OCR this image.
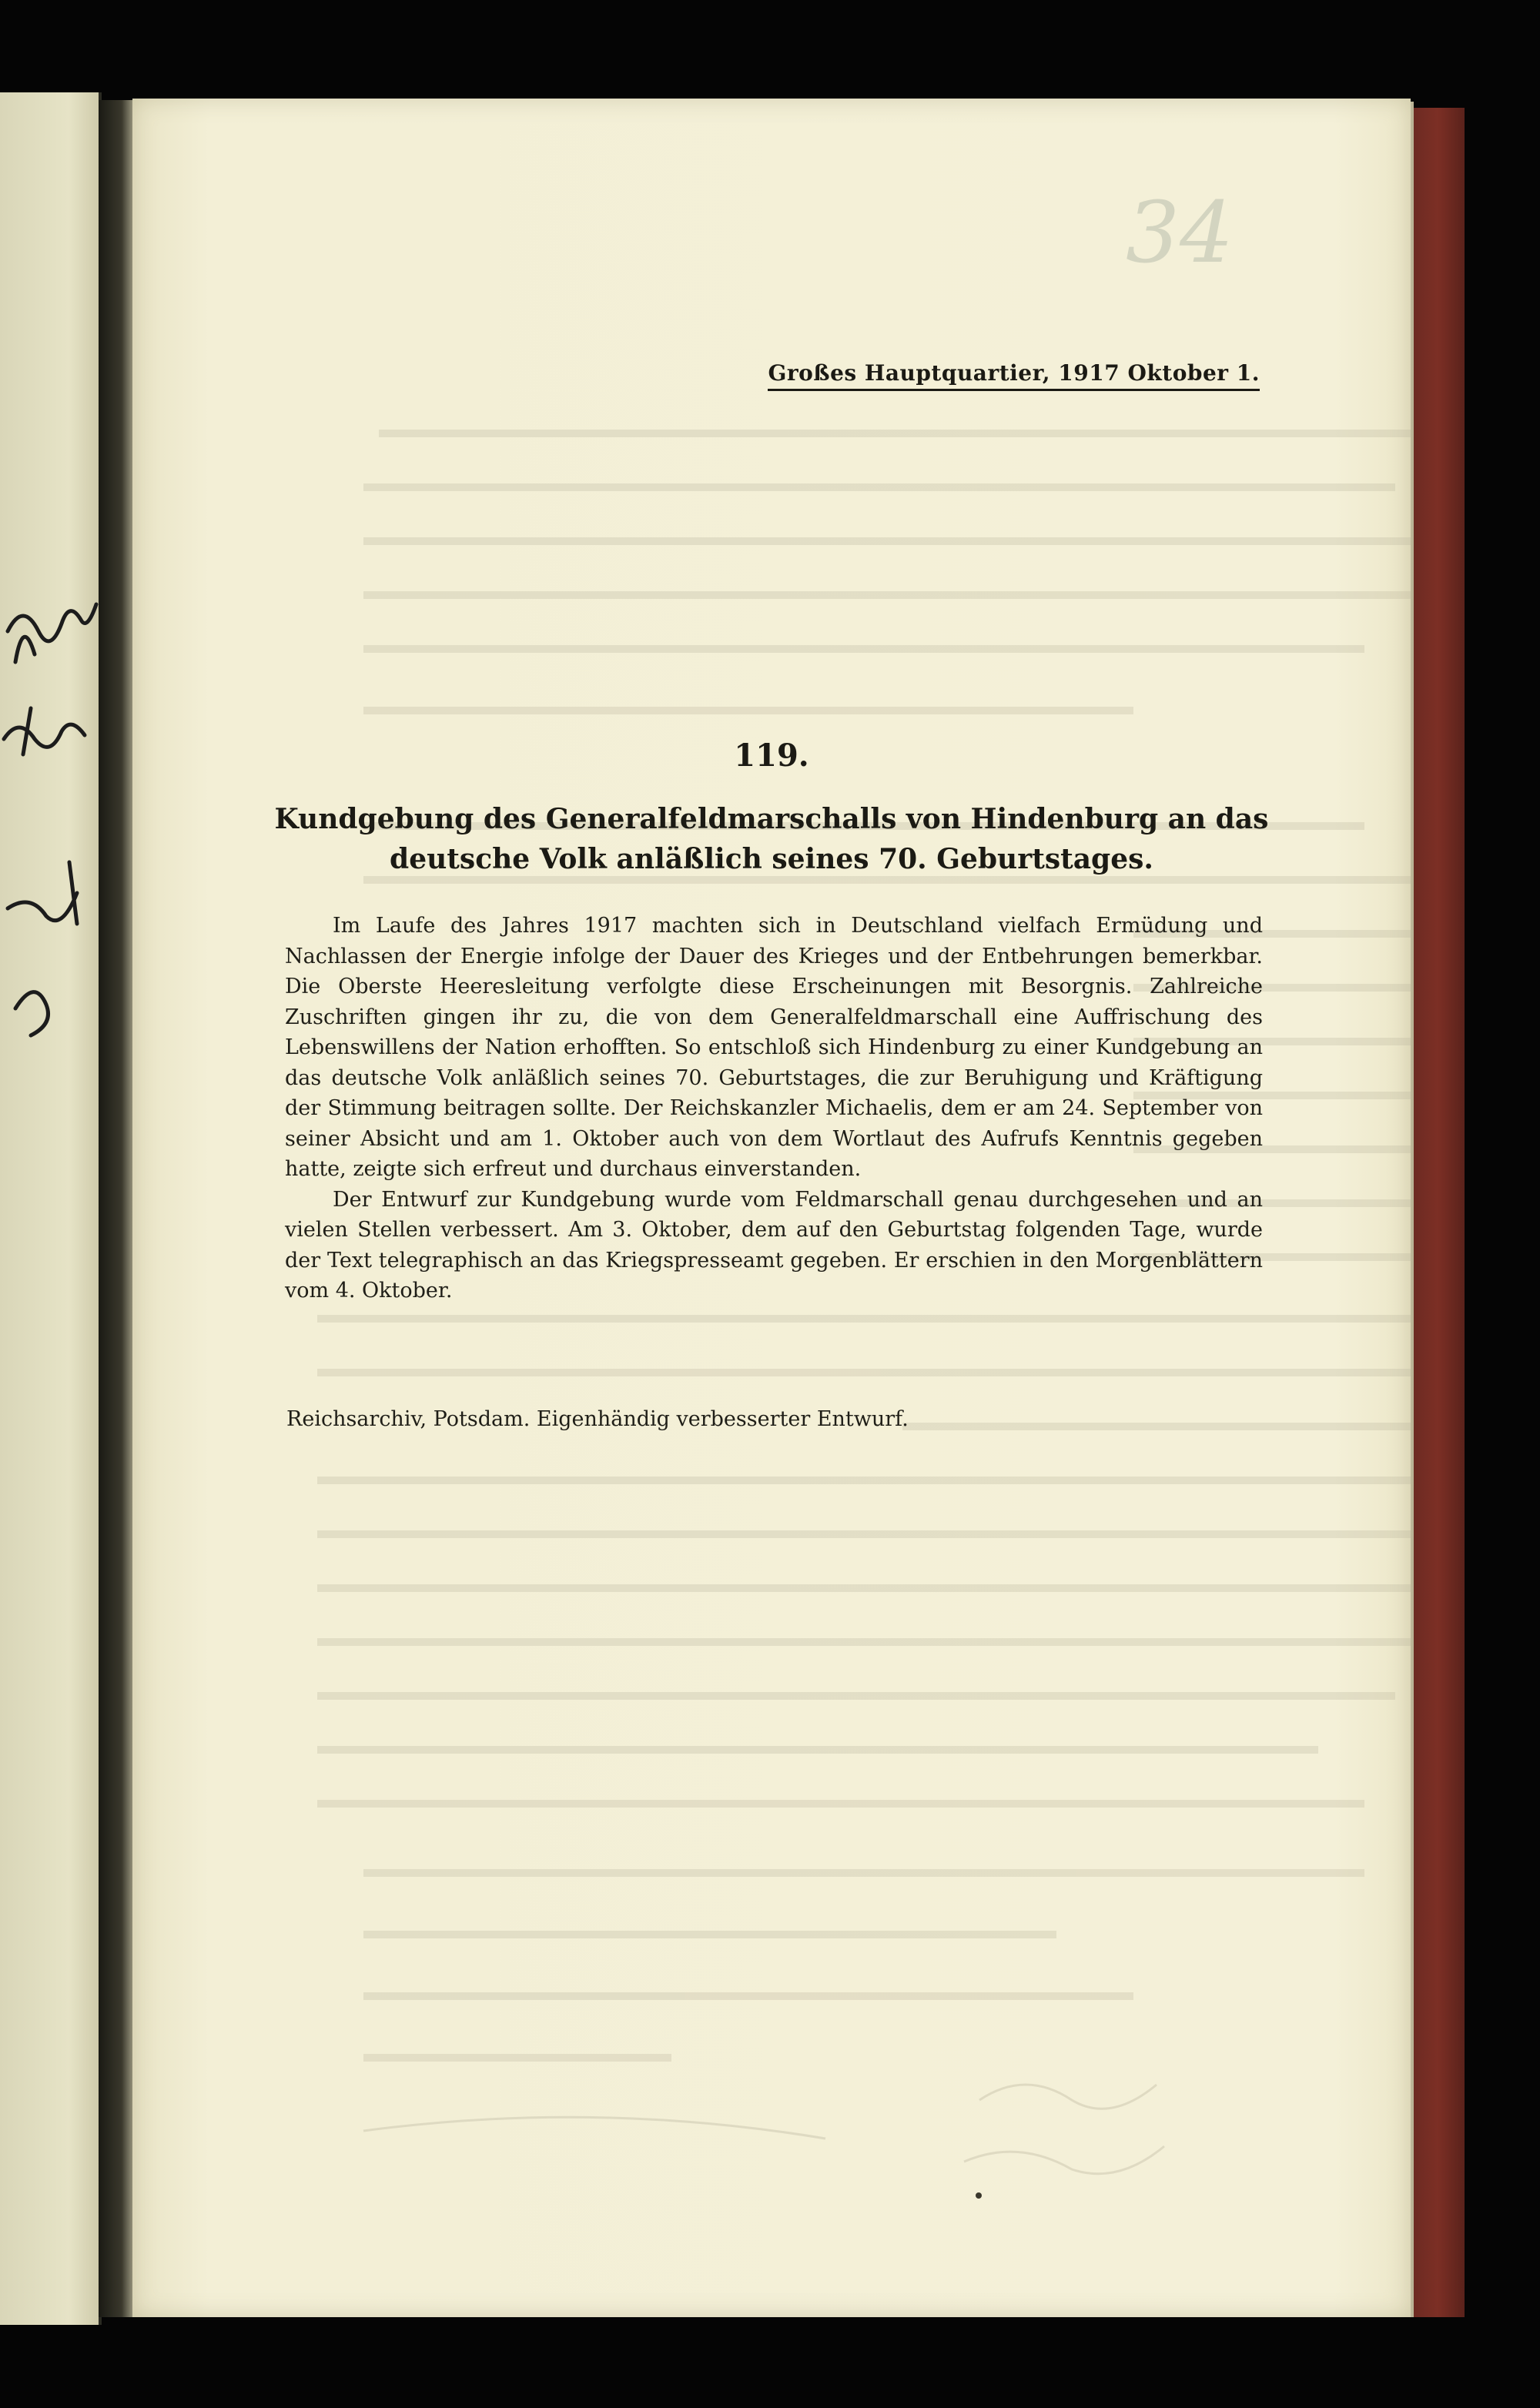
34
Großes Hauptquartier, 1917 Oktober 1.
119.
Kundgebung des Generalfeldmarschalls von Hindenburg an das deutsche Volk anläßlich seines 70. Geburtstages.

Im Laufe des Jahres 1917 machten sich in Deutschland vielfach Ermüdung und Nachlassen der Energie infolge der Dauer des Krieges und der Entbehrungen bemerkbar. Die Oberste Heeresleitung verfolgte diese Erscheinungen mit Besorgnis. Zahlreiche Zuschriften gingen ihr zu, die von dem Generalfeldmarschall eine Auffrischung des Lebenswillens der Nation erhofften. So entschloß sich Hindenburg zu einer Kundgebung an das deutsche Volk anläßlich seines 70. Geburtstages, die zur Beruhigung und Kräftigung der Stimmung beitragen sollte. Der Reichskanzler Michaelis, dem er am 24. September von seiner Absicht und am 1. Oktober auch von dem Wortlaut des Aufrufs Kenntnis gegeben hatte, zeigte sich erfreut und durchaus einverstanden.

Der Entwurf zur Kundgebung wurde vom Feldmarschall genau durchgesehen und an vielen Stellen verbessert. Am 3. Oktober, dem auf den Geburtstag folgenden Tage, wurde der Text telegraphisch an das Kriegspresseamt gegeben. Er erschien in den Morgenblättern vom 4. Oktober.

Reichsarchiv, Potsdam. Eigenhändig verbesserter Entwurf.
